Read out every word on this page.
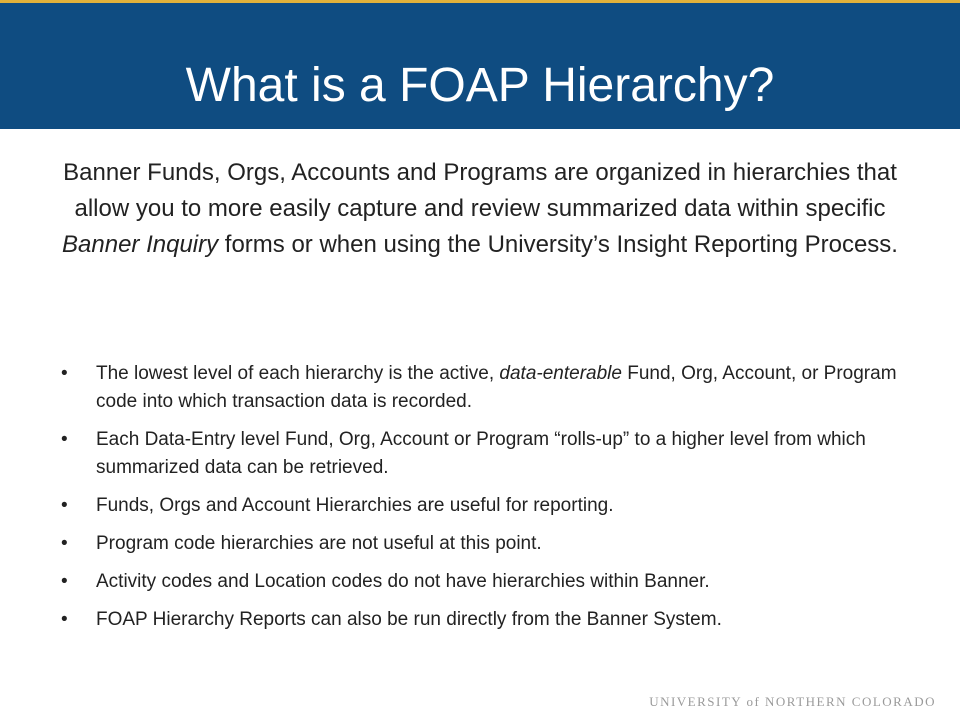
What is a FOAP Hierarchy?
Banner Funds, Orgs, Accounts and Programs are organized in hierarchies that allow you to more easily capture and review summarized data within specific Banner Inquiry forms or when using the University’s Insight Reporting Process.
• The lowest level of each hierarchy is the active, data-enterable Fund, Org, Account, or Program code into which transaction data is recorded.
• Each Data-Entry level Fund, Org, Account or Program “rolls-up” to a higher level from which summarized data can be retrieved.
• Funds, Orgs and Account Hierarchies are useful for reporting.
• Program code hierarchies are not useful at this point.
• Activity codes and Location codes do not have hierarchies within Banner.
• FOAP Hierarchy Reports can also be run directly from the Banner System.
UNIVERSITY of NORTHERN COLORADO
